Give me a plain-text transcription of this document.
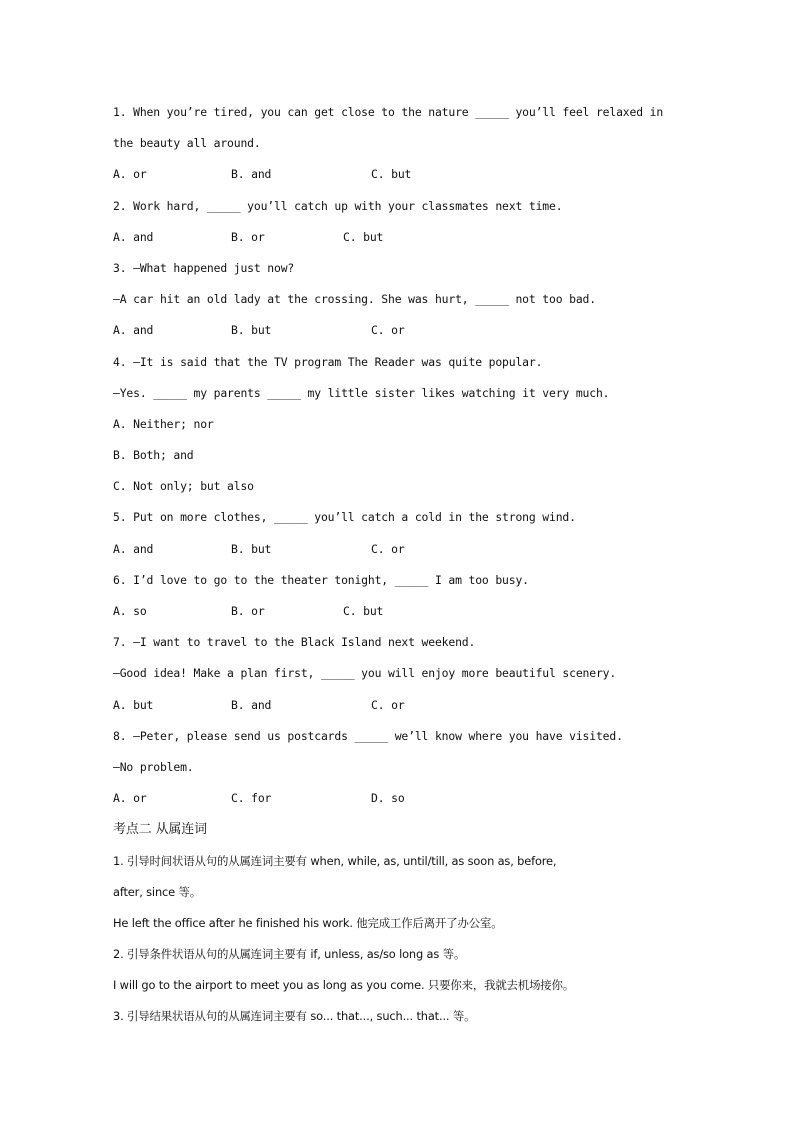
1. When you’re tired, you can get close to the nature _____ you’ll feel relaxed in
the beauty all around.
A. or	B. and	C. but
2. Work hard, _____ you’ll catch up with your classmates next time.
A. and	B. or	C. but
3. —What happened just now?
—A car hit an old lady at the crossing. She was hurt, _____ not too bad.
A. and	B. but	C. or
4. —It is said that the TV program The Reader was quite popular.
—Yes. _____ my parents _____ my little sister likes watching it very much.
A. Neither; nor
B. Both; and
C. Not only; but also
5. Put on more clothes, _____ you’ll catch a cold in the strong wind.
A. and	B. but	C. or
6. I’d love to go to the theater tonight, _____ I am too busy.
A. so	B. or	C. but
7. —I want to travel to the Black Island next weekend.
—Good idea! Make a plan first, _____ you will enjoy more beautiful scenery.
A. but	B. and	C. or
8. —Peter, please send us postcards _____ we’ll know where you have visited.
—No problem.
A. or	C. for	D. so
考点二 从属连词
1. 引导时间状语从句的从属连词主要有 when, while, as, until/till, as soon as, before,
after, since 等。
He left the office after he finished his work. 他完成工作后离开了办公室。
2. 引导条件状语从句的从属连词主要有 if, unless, as/so long as 等。
I will go to the airport to meet you as long as you come. 只要你来，我就去机场接你。
3. 引导结果状语从句的从属连词主要有 so... that..., such... that... 等。
